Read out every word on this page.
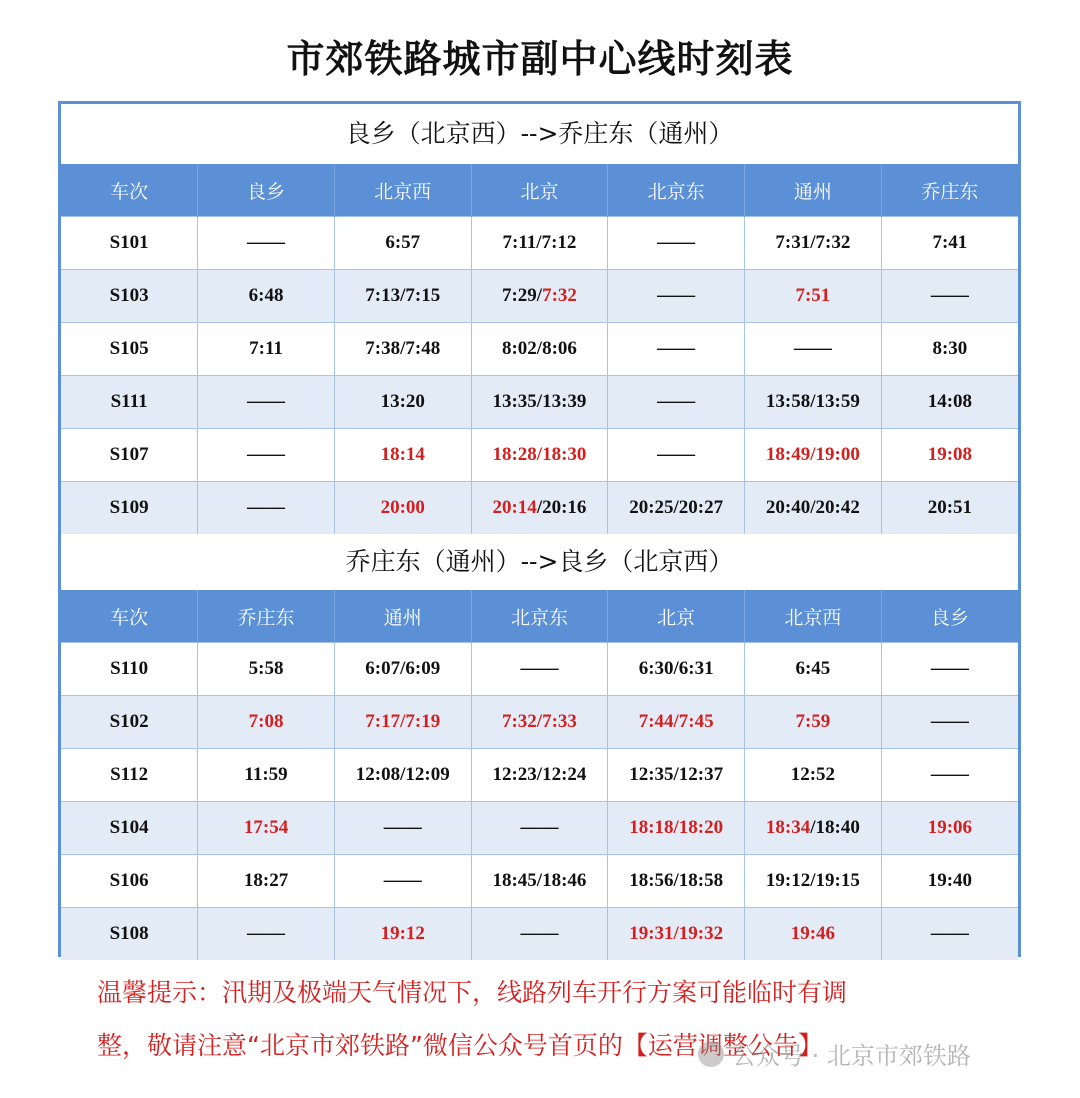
市郊铁路城市副中心线时刻表
良乡（北京西）-->乔庄东（通州）
车次	良乡	北京西	北京	北京东	通州	乔庄东
S101	——	6:57	7:11/7:12	——	7:31/7:32	7:41
S103	6:48	7:13/7:15	7:29/7:32	——	7:51	——
S105	7:11	7:38/7:48	8:02/8:06	——	——	8:30
S111	——	13:20	13:35/13:39	——	13:58/13:59	14:08
S107	——	18:14	18:28/18:30	——	18:49/19:00	19:08
S109	——	20:00	20:14/20:16	20:25/20:27	20:40/20:42	20:51
乔庄东（通州）-->良乡（北京西）
车次	乔庄东	通州	北京东	北京	北京西	良乡
S110	5:58	6:07/6:09	——	6:30/6:31	6:45	——
S102	7:08	7:17/7:19	7:32/7:33	7:44/7:45	7:59	——
S112	11:59	12:08/12:09	12:23/12:24	12:35/12:37	12:52	——
S104	17:54	——	——	18:18/18:20	18:34/18:40	19:06
S106	18:27	——	18:45/18:46	18:56/18:58	19:12/19:15	19:40
S108	——	19:12	——	19:31/19:32	19:46	——
温馨提示：汛期及极端天气情况下，线路列车开行方案可能临时有调
整，敬请注意“北京市郊铁路”微信公众号首页的【运营调整公告】
公众号 · 北京市郊铁路
